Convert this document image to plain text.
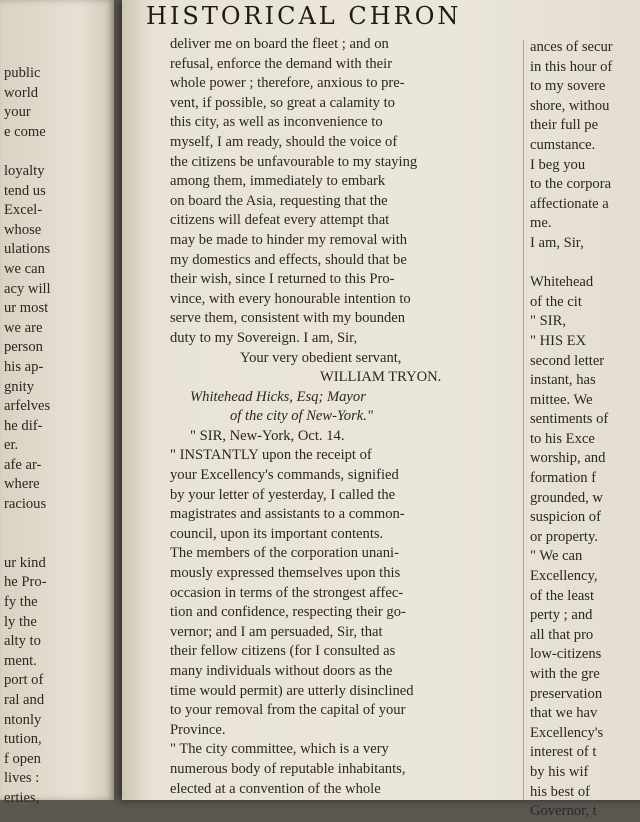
HISTORICAL CHRON
public
world
your
e come
loyalty
tend us
Excel-
whose
ulations
we can
acy will
ur most
we are
person
his ap-
gnity
arfelves
he dif-
er.
afe ar-
where
racious
ur kind
he Pro-
fy the
ly the
alty to
ment.
port of
ral and
ntonly
tution,
f open
lives :
erties,
deliver me on board the fleet ; and on
refusal, enforce the demand with their
whole power ; therefore, anxious to pre-
vent, if possible, so great a calamity to
this city, as well as inconvenience to
myself, I am ready, should the voice of
the citizens be unfavourable to my staying
among them, immediately to embark
on board the Asia, requesting that the
citizens will defeat every attempt that
may be made to hinder my removal with
my domestics and effects, should that be
their wish, since I returned to this Pro-
vince, with every honourable intention to
serve them, consistent with my bounden
duty to my Sovereign. I am, Sir,
Your very obedient servant,
WILLIAM TRYON.
Whitehead Hicks, Esq; Mayor
of the city of New-York."
" SIR, New-York, Oct. 14.
" INSTANTLY upon the receipt of
your Excellency's commands, signified
by your letter of yesterday, I called the
magistrates and assistants to a common-
council, upon its important contents.
The members of the corporation unani-
mously expressed themselves upon this
occasion in terms of the strongest affec-
tion and confidence, respecting their go-
vernor; and I am persuaded, Sir, that
their fellow citizens (for I consulted as
many individuals without doors as the
time would permit) are utterly disinclined
to your removal from the capital of your
Province.
" The city committee, which is a very
numerous body of reputable inhabitants,
elected at a convention of the whole
ances of secur
in this hour of
to my sovere
shore, withou
their full pe
cumstance.
I beg you
to the corpora
affectionate a
me.
I am, Sir,
Whitehead
of the cit
" SIR,
" HIS EX
second letter
instant, has
mittee. We
sentiments of
to his Exce
worship, and
formation f
grounded, w
suspicion of
or property.
" We can
Excellency,
of the least
perty ; and
all that pro
low-citizens
with the gre
preservation
that we hav
Excellency's
interest of t
by his wif
his best of
Governor, t
